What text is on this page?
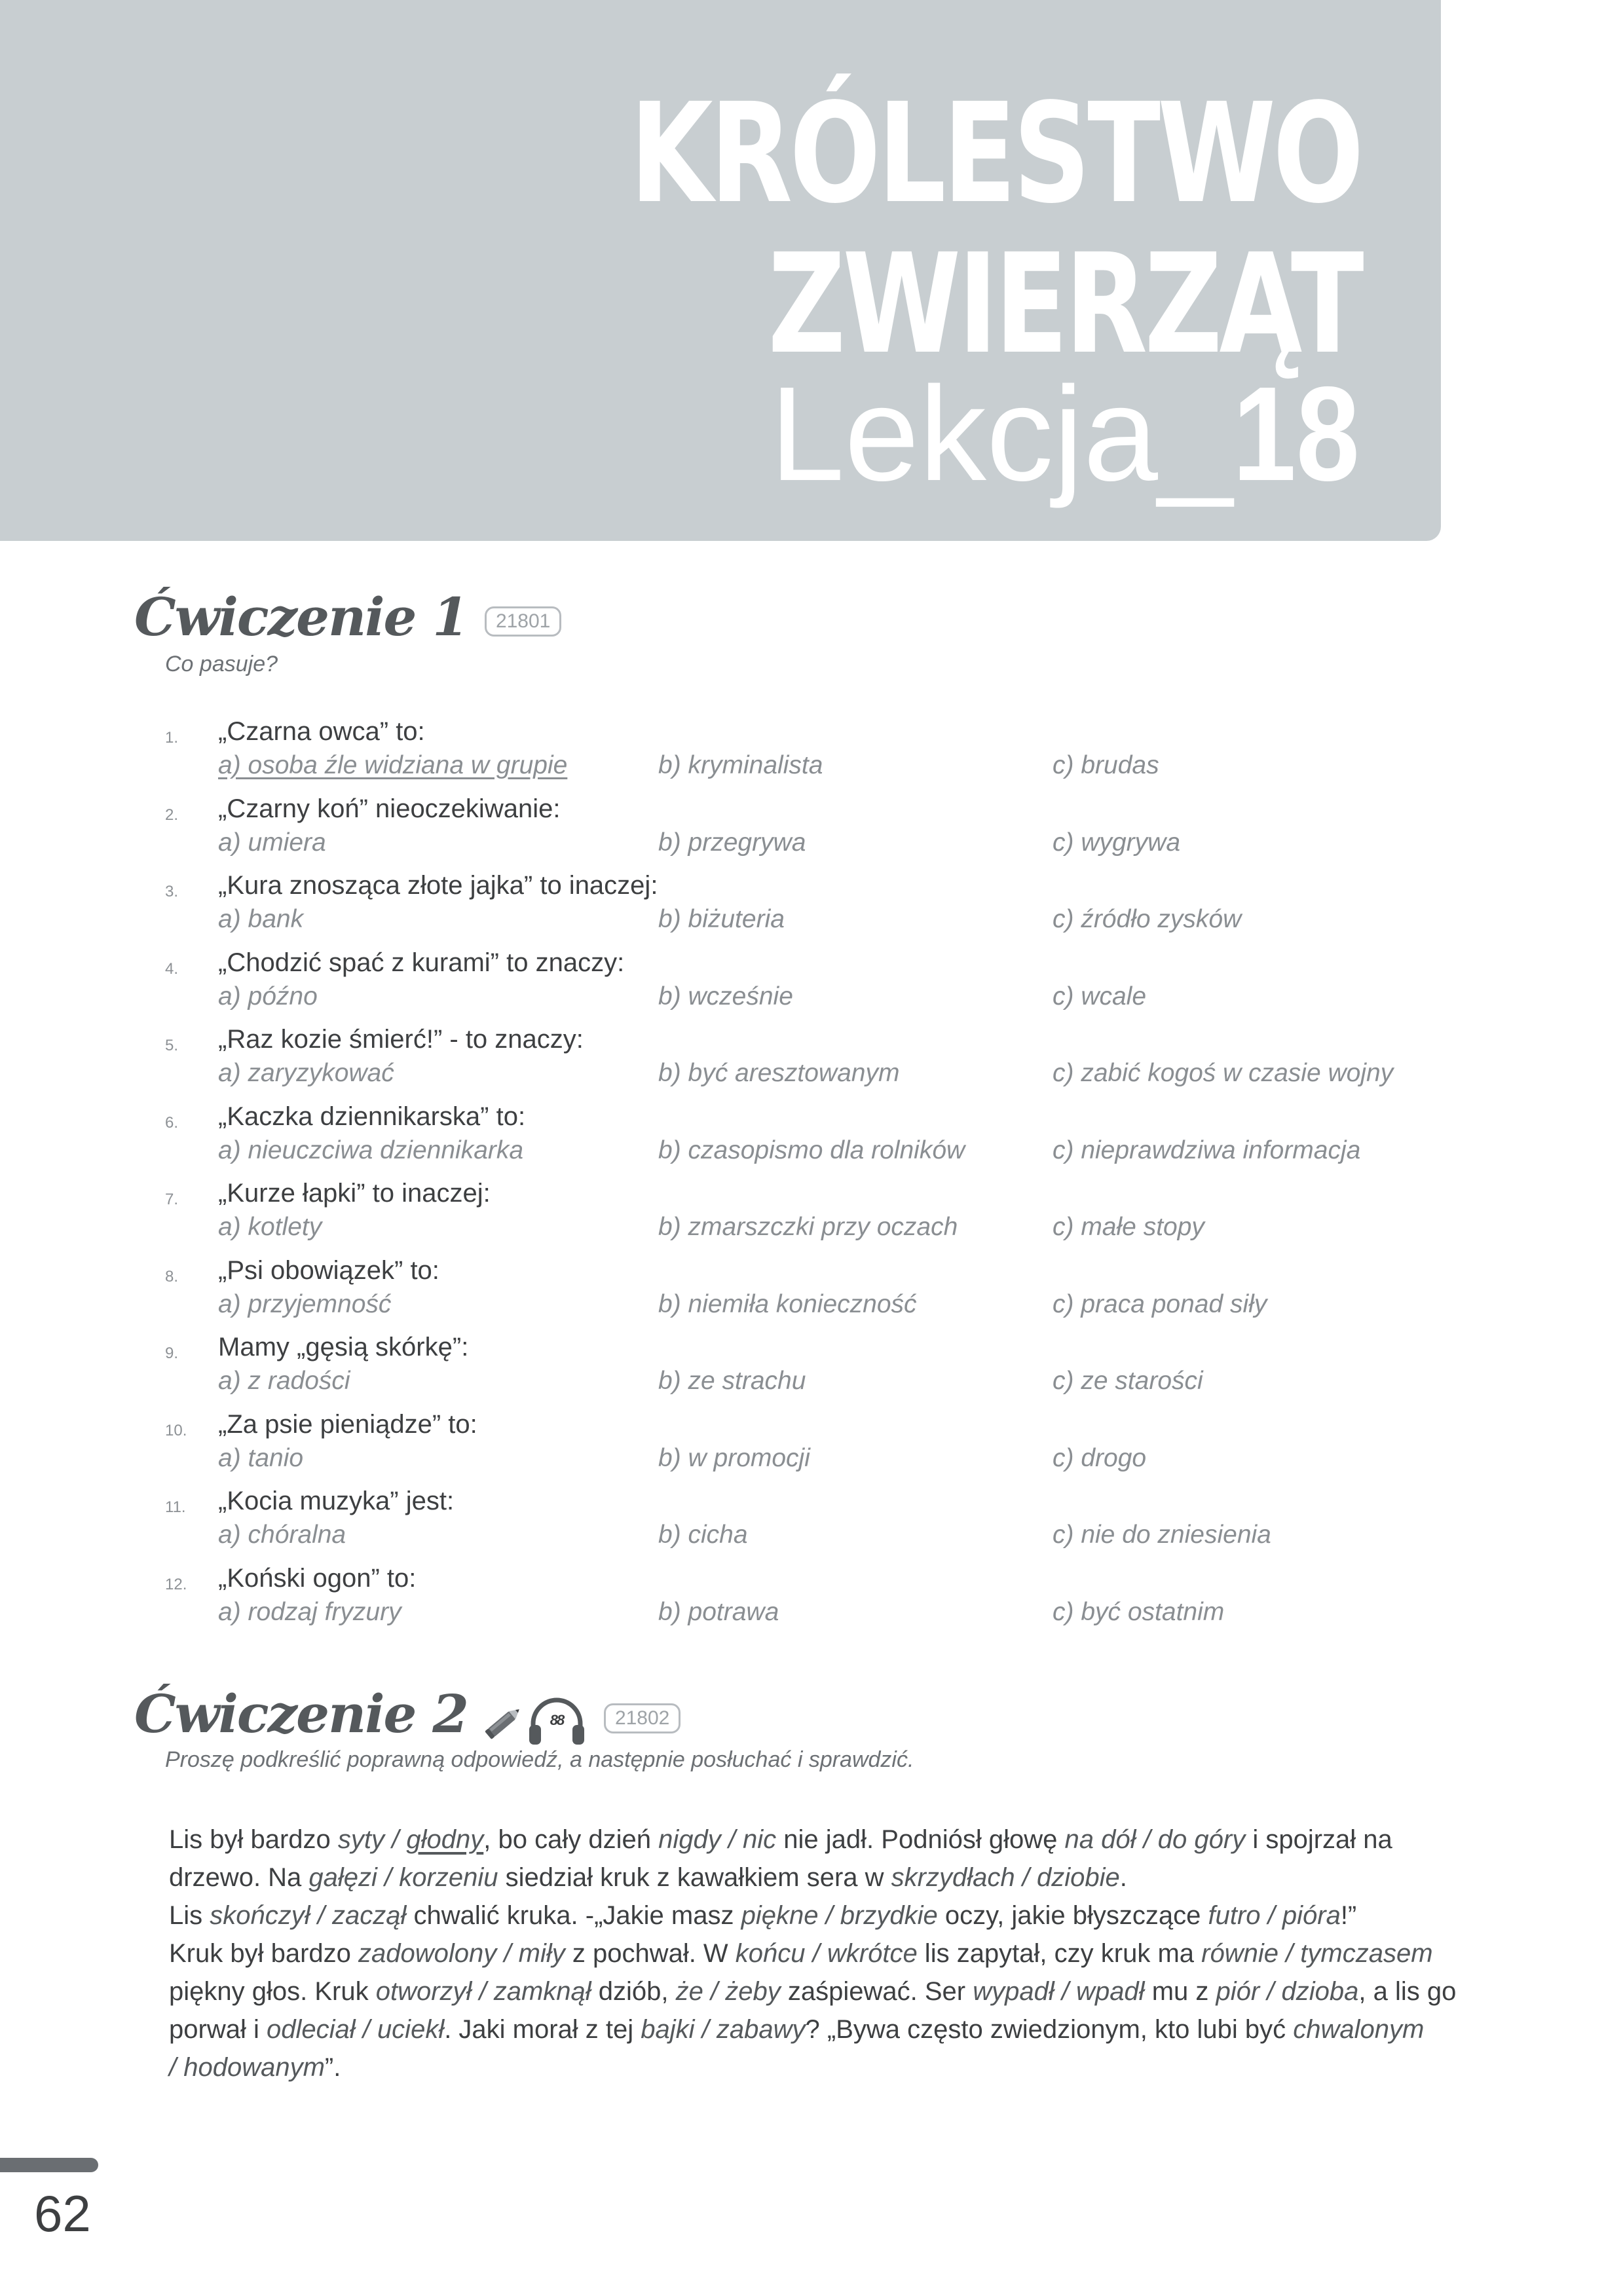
KRÓLESTWO
ZWIERZĄT
Lekcja_18
Ćwiczenie 1 21801
Co pasuje?
1. „Czarna owca” to:
a) osoba źle widziana w grupie	b) kryminalista	c) brudas
2. „Czarny koń” nieoczekiwanie:
a) umiera	b) przegrywa	c) wygrywa
3. „Kura znosząca złote jajka” to inaczej:
a) bank	b) biżuteria	c) źródło zysków
4. „Chodzić spać z kurami” to znaczy:
a) późno	b) wcześnie	c) wcale
5. „Raz kozie śmierć!” - to znaczy:
a) zaryzykować	b) być aresztowanym	c) zabić kogoś w czasie wojny
6. „Kaczka dziennikarska” to:
a) nieuczciwa dziennikarka	b) czasopismo dla rolników	c) nieprawdziwa informacja
7. „Kurze łapki” to inaczej:
a) kotlety	b) zmarszczki przy oczach	c) małe stopy
8. „Psi obowiązek” to:
a) przyjemność	b) niemiła konieczność	c) praca ponad siły
9. Mamy „gęsią skórkę”:
a) z radości	b) ze strachu	c) ze starości
10. „Za psie pieniądze” to:
a) tanio	b) w promocji	c) drogo
11. „Kocia muzyka” jest:
a) chóralna	b) cicha	c) nie do zniesienia
12. „Koński ogon” to:
a) rodzaj fryzury	b) potrawa	c) być ostatnim
Ćwiczenie 2	88	21802
Proszę podkreślić poprawną odpowiedź, a następnie posłuchać i sprawdzić.
Lis był bardzo syty / głodny, bo cały dzień nigdy / nic nie jadł. Podniósł głowę na dół / do góry i spojrzał na
drzewo. Na gałęzi / korzeniu siedział kruk z kawałkiem sera w skrzydłach / dziobie.
Lis skończył / zaczął chwalić kruka. -„Jakie masz piękne / brzydkie oczy, jakie błyszczące futro / pióra!”
Kruk był bardzo zadowolony / miły z pochwał. W końcu / wkrótce lis zapytał, czy kruk ma równie / tymczasem
piękny głos. Kruk otworzył / zamknął dziób, że / żeby zaśpiewać. Ser wypadł / wpadł mu z piór / dzioba, a lis go
porwał i odleciał / uciekł. Jaki morał z tej bajki / zabawy? „Bywa często zwiedzionym, kto lubi być chwalonym
/ hodowanym”.
62
